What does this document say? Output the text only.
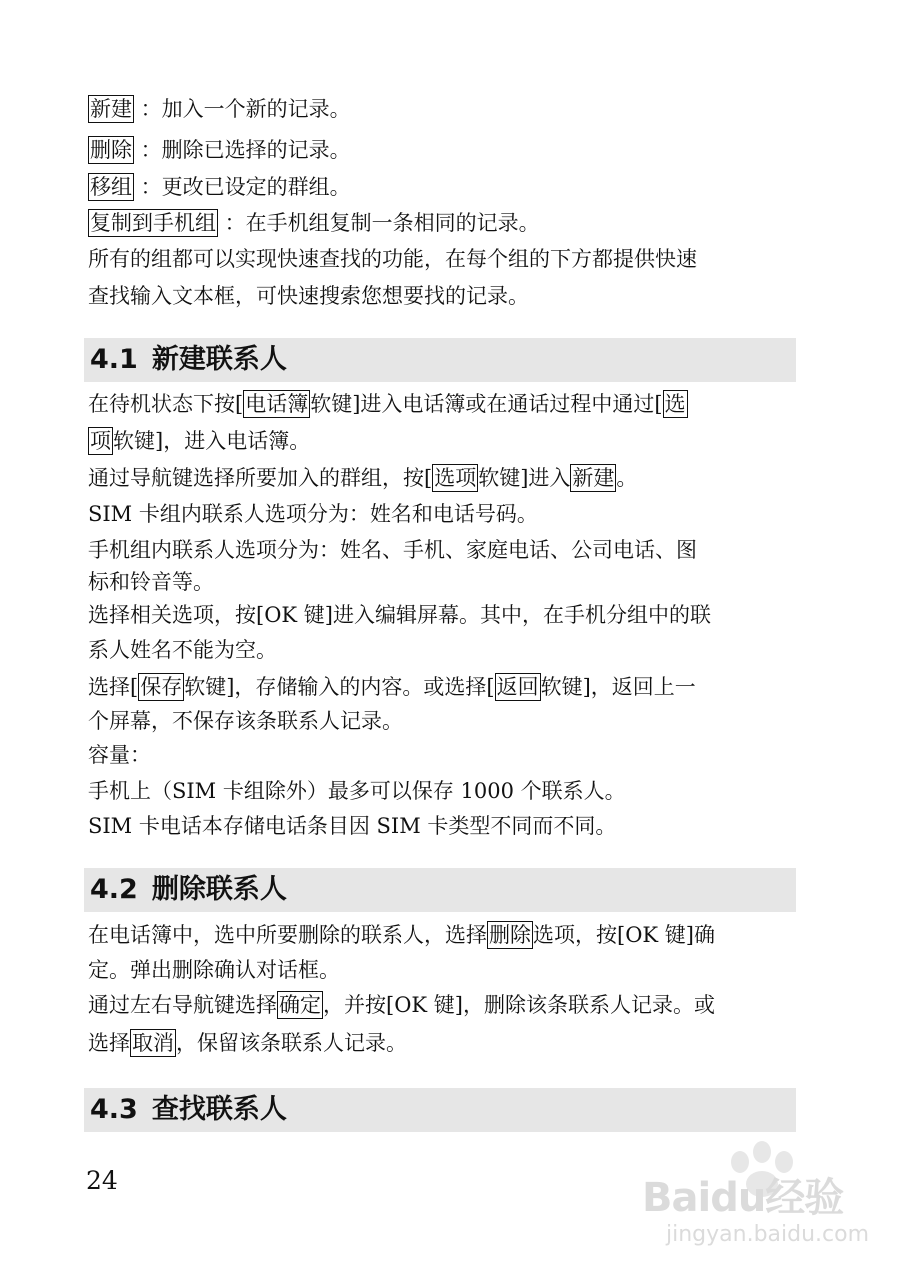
新建 ：加入一个新的记录。
删除 ：删除已选择的记录。
移组 ：更改已设定的群组。
复制到手机组 ：在手机组复制一条相同的记录。
所有的组都可以实现快速查找的功能，在每个组的下方都提供快速
查找输入文本框，可快速搜索您想要找的记录。
4.1 新建联系人
在待机状态下按[电话簿软键]进入电话簿或在通话过程中通过[选
项软键]，进入电话簿。
通过导航键选择所要加入的群组，按[选项软键]进入新建。
SIM 卡组内联系人选项分为：姓名和电话号码。
手机组内联系人选项分为：姓名、手机、家庭电话、公司电话、图
标和铃音等。
选择相关选项，按[OK 键]进入编辑屏幕。其中，在手机分组中的联
系人姓名不能为空。
选择[保存软键]，存储输入的内容。或选择[返回软键]，返回上一
个屏幕，不保存该条联系人记录。
容量：
手机上（SIM 卡组除外）最多可以保存 1000 个联系人。
SIM 卡电话本存储电话条目因 SIM 卡类型不同而不同。
4.2 删除联系人
在电话簿中，选中所要删除的联系人，选择删除选项，按[OK 键]确
定。弹出删除确认对话框。
通过左右导航键选择确定，并按[OK 键]，删除该条联系人记录。或
选择取消，保留该条联系人记录。
4.3 查找联系人
24	Baidu经验
jingyan.baidu.com
